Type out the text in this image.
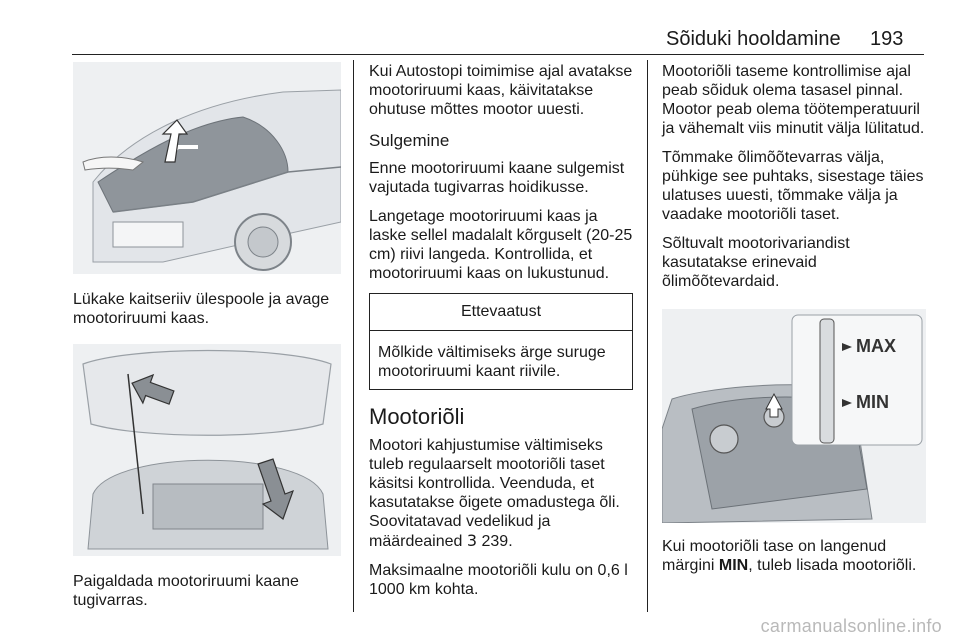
Sõiduki hooldamine 193

Lükake kaitseriiv ülespoole ja avage mootoriruumi kaas.

Paigaldada mootoriruumi kaane tugivarras.

Kui Autostopi toimimise ajal avatakse mootoriruumi kaas, käivitatakse ohutuse mõttes mootor uuesti.

Sulgemine

Enne mootoriruumi kaane sulgemist vajutada tugivarras hoidikusse.

Langetage mootoriruumi kaas ja laske sellel madalalt kõrguselt (20-25 cm) riivi langeda. Kontrollida, et mootoriruumi kaas on lukustunud.

Ettevaatust
Mõlkide vältimiseks ärge suruge mootoriruumi kaant riivile.
Mootoriõli

Mootori kahjustumise vältimiseks tuleb regulaarselt mootoriõli taset käsitsi kontrollida. Veenduda, et kasutatakse õigete omadustega õli. Soovitatavad vedelikud ja määrdeained 3 239.

Maksimaalne mootoriõli kulu on 0,6 l 1000 km kohta.

Mootoriõli taseme kontrollimise ajal peab sõiduk olema tasasel pinnal. Mootor peab olema töötemperatuuril ja vähemalt viis minutit välja lülitatud.

Tõmmake õlimõõtevarras välja, pühkige see puhtaks, sisestage täies ulatuses uuesti, tõmmake välja ja vaadake mootoriõli taset.

Sõltuvalt mootorivariandist kasutatakse erinevaid õlimõõtevardaid.

MAX
MIN

Kui mootoriõli tase on langenud märgini MIN, tuleb lisada mootoriõli.

carmanualsonline.info
